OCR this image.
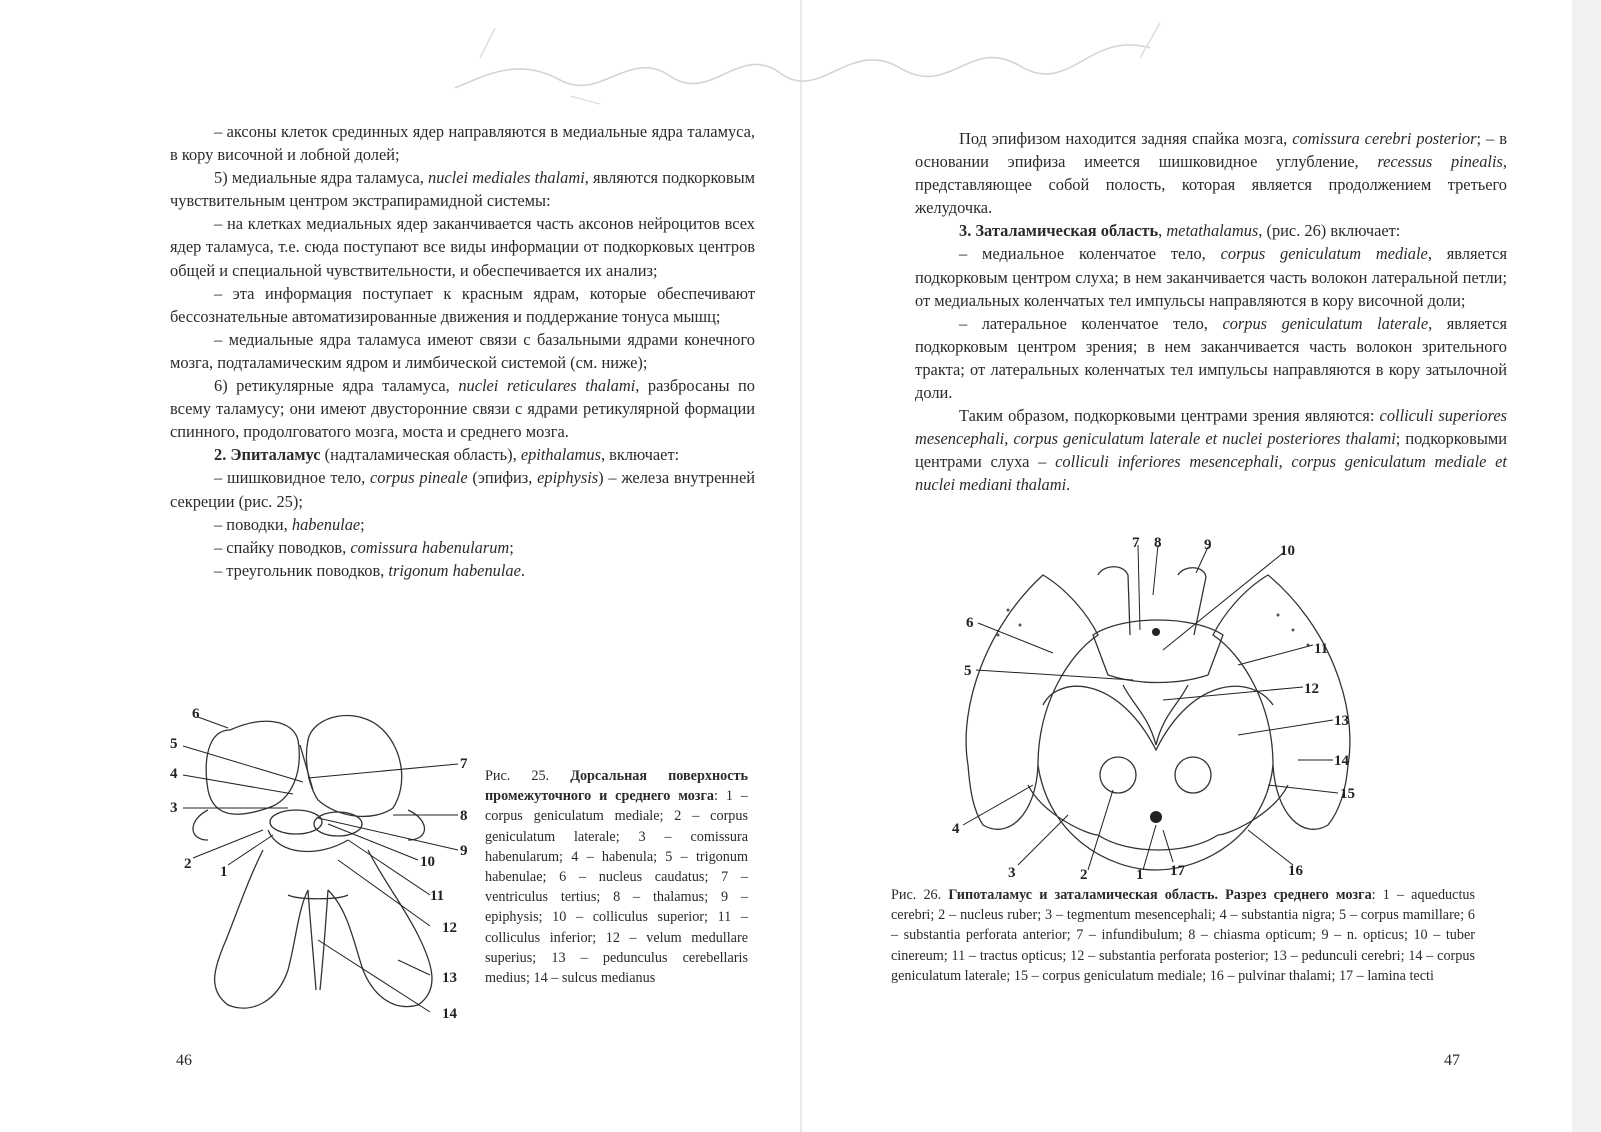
– аксоны клеток срединных ядер направляются в медиальные ядра таламуса, в кору височной и лобной долей;

5) медиальные ядра таламуса, nuclei mediales thalami, являются подкорковым чувствительным центром экстрапирамидной системы:

– на клетках медиальных ядер заканчивается часть аксонов нейроцитов всех ядер таламуса, т.е. сюда поступают все виды информации от подкорковых центров общей и специальной чувствительности, и обеспечивается их анализ;

– эта информация поступает к красным ядрам, которые обеспечивают бессознательные автоматизированные движения и поддержание тонуса мышц;

– медиальные ядра таламуса имеют связи с базальными ядрами конечного мозга, подталамическим ядром и лимбической системой (см. ниже);

6) ретикулярные ядра таламуса, nuclei reticulares thalami, разбросаны по всему таламусу; они имеют двусторонние связи с ядрами ретикулярной формации спинного, продолговатого мозга, моста и среднего мозга.

2. Эпиталамус (надталамическая область), epithalamus, включает:

– шишковидное тело, corpus pineale (эпифиз, epiphysis) – железа внутренней секреции (рис. 25);

– поводки, habenulae;

– спайку поводков, comissura habenularum;

– треугольник поводков, trigonum habenulae.

6
5
4
3
2 1
7
8
9
10
11
12
13
14

Рис. 25. Дорсальная поверхность промежуточного и среднего мозга: 1 – corpus geniculatum mediale; 2 – corpus geniculatum laterale; 3 – comissura habenularum; 4 – habenula; 5 – trigonum habenulae; 6 – nucleus caudatus; 7 – ventriculus tertius; 8 – thalamus; 9 – epiphysis; 10 – colliculus superior; 11 – colliculus inferior; 12 – velum medullare superius; 13 – pedunculus cerebellaris medius; 14 – sulcus medianus

46

Под эпифизом находится задняя спайка мозга, comissura cerebri posterior; – в основании эпифиза имеется шишковидное углубление, recessus pinealis, представляющее собой полость, которая является продолжением третьего желудочка.

3. Заталамическая область, metathalamus, (рис. 26) включает:

– медиальное коленчатое тело, corpus geniculatum mediale, является подкорковым центром слуха; в нем заканчивается часть волокон латеральной петли; от медиальных коленчатых тел импульсы направляются в кору височной доли;

– латеральное коленчатое тело, corpus geniculatum laterale, является подкорковым центром зрения; в нем заканчивается часть волокон зрительного тракта; от латеральных коленчатых тел импульсы направляются в кору затылочной доли.

Таким образом, подкорковыми центрами зрения являются: colliculi superiores mesencephali, corpus geniculatum laterale et nuclei posteriores thalami; подкорковыми центрами слуха – colliculi inferiores mesencephali, corpus geniculatum mediale et nuclei mediani thalami.

7 8	9	10
6
5
11
12
13
14
15
4
3	2	1 17	16

Рис. 26. Гипоталамус и заталамическая область. Разрез среднего мозга: 1 – aqueductus cerebri; 2 – nucleus ruber; 3 – tegmentum mesencephali; 4 – substantia nigra; 5 – corpus mamillare; 6 – substantia perforata anterior; 7 – infundibulum; 8 – chiasma opticum; 9 – n. opticus; 10 – tuber cinereum; 11 – tractus opticus; 12 – substantia perforata posterior; 13 – pedunculi cerebri; 14 – corpus geniculatum laterale; 15 – corpus geniculatum mediale; 16 – pulvinar thalami; 17 – lamina tecti

47
